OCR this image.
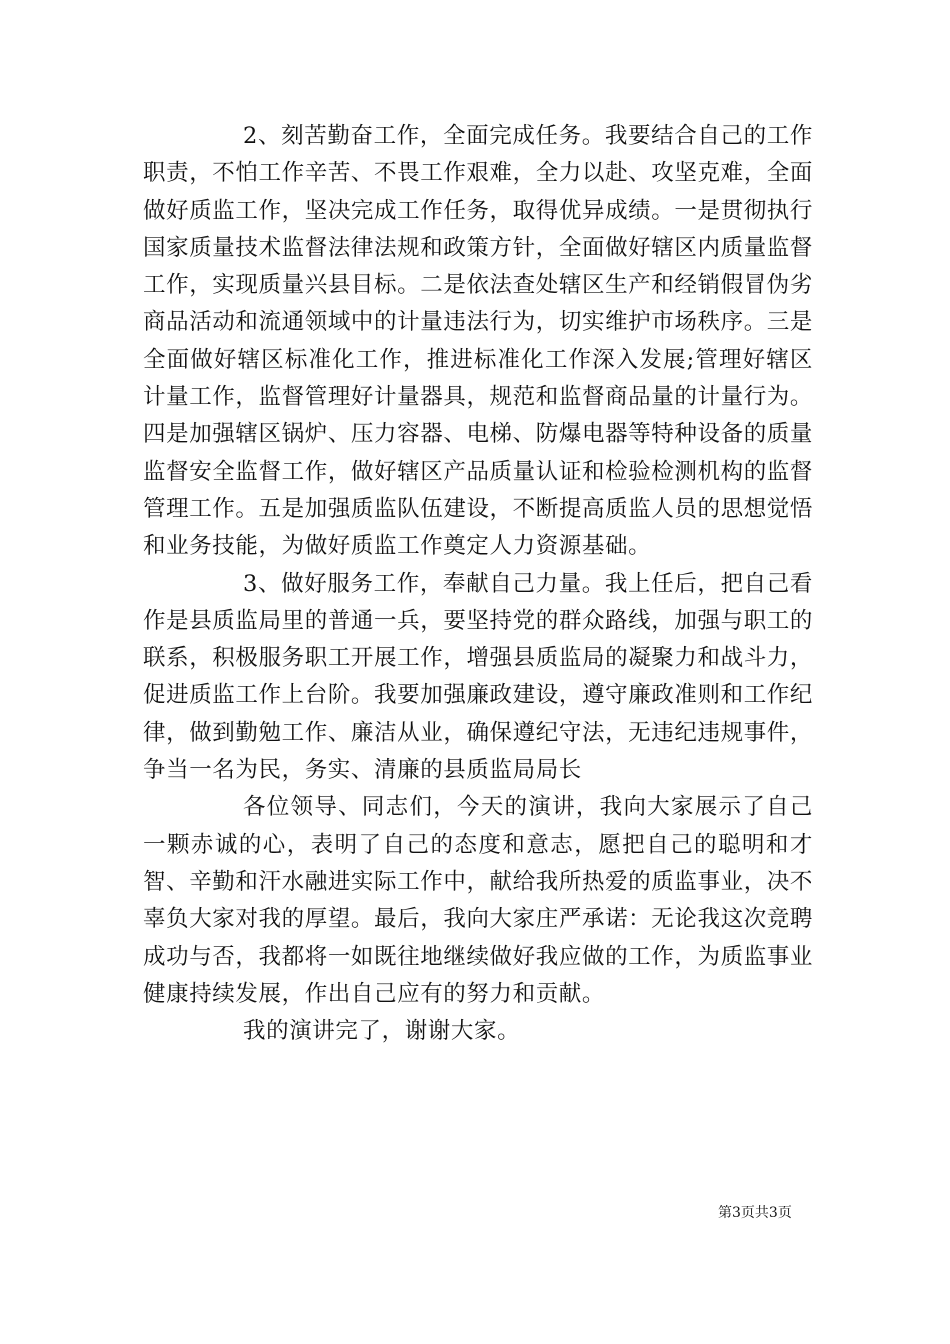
2、刻苦勤奋工作，全面完成任务。我要结合自己的工作职责，不怕工作辛苦、不畏工作艰难，全力以赴、攻坚克难，全面做好质监工作，坚决完成工作任务，取得优异成绩。一是贯彻执行国家质量技术监督法律法规和政策方针，全面做好辖区内质量监督工作，实现质量兴县目标。二是依法查处辖区生产和经销假冒伪劣商品活动和流通领域中的计量违法行为，切实维护市场秩序。三是全面做好辖区标准化工作，推进标准化工作深入发展;管理好辖区计量工作，监督管理好计量器具，规范和监督商品量的计量行为。四是加强辖区锅炉、压力容器、电梯、防爆电器等特种设备的质量监督安全监督工作，做好辖区产品质量认证和检验检测机构的监督管理工作。五是加强质监队伍建设，不断提高质监人员的思想觉悟和业务技能，为做好质监工作奠定人力资源基础。

3、做好服务工作，奉献自己力量。我上任后，把自己看作是县质监局里的普通一兵，要坚持党的群众路线，加强与职工的联系，积极服务职工开展工作，增强县质监局的凝聚力和战斗力，促进质监工作上台阶。我要加强廉政建设，遵守廉政准则和工作纪律，做到勤勉工作、廉洁从业，确保遵纪守法，无违纪违规事件，争当一名为民，务实、清廉的县质监局局长

各位领导、同志们，今天的演讲，我向大家展示了自己一颗赤诚的心，表明了自己的态度和意志，愿把自己的聪明和才智、辛勤和汗水融进实际工作中，献给我所热爱的质监事业，决不辜负大家对我的厚望。最后，我向大家庄严承诺：无论我这次竞聘成功与否，我都将一如既往地继续做好我应做的工作，为质监事业健康持续发展，作出自己应有的努力和贡献。

我的演讲完了，谢谢大家。

第3页共3页
